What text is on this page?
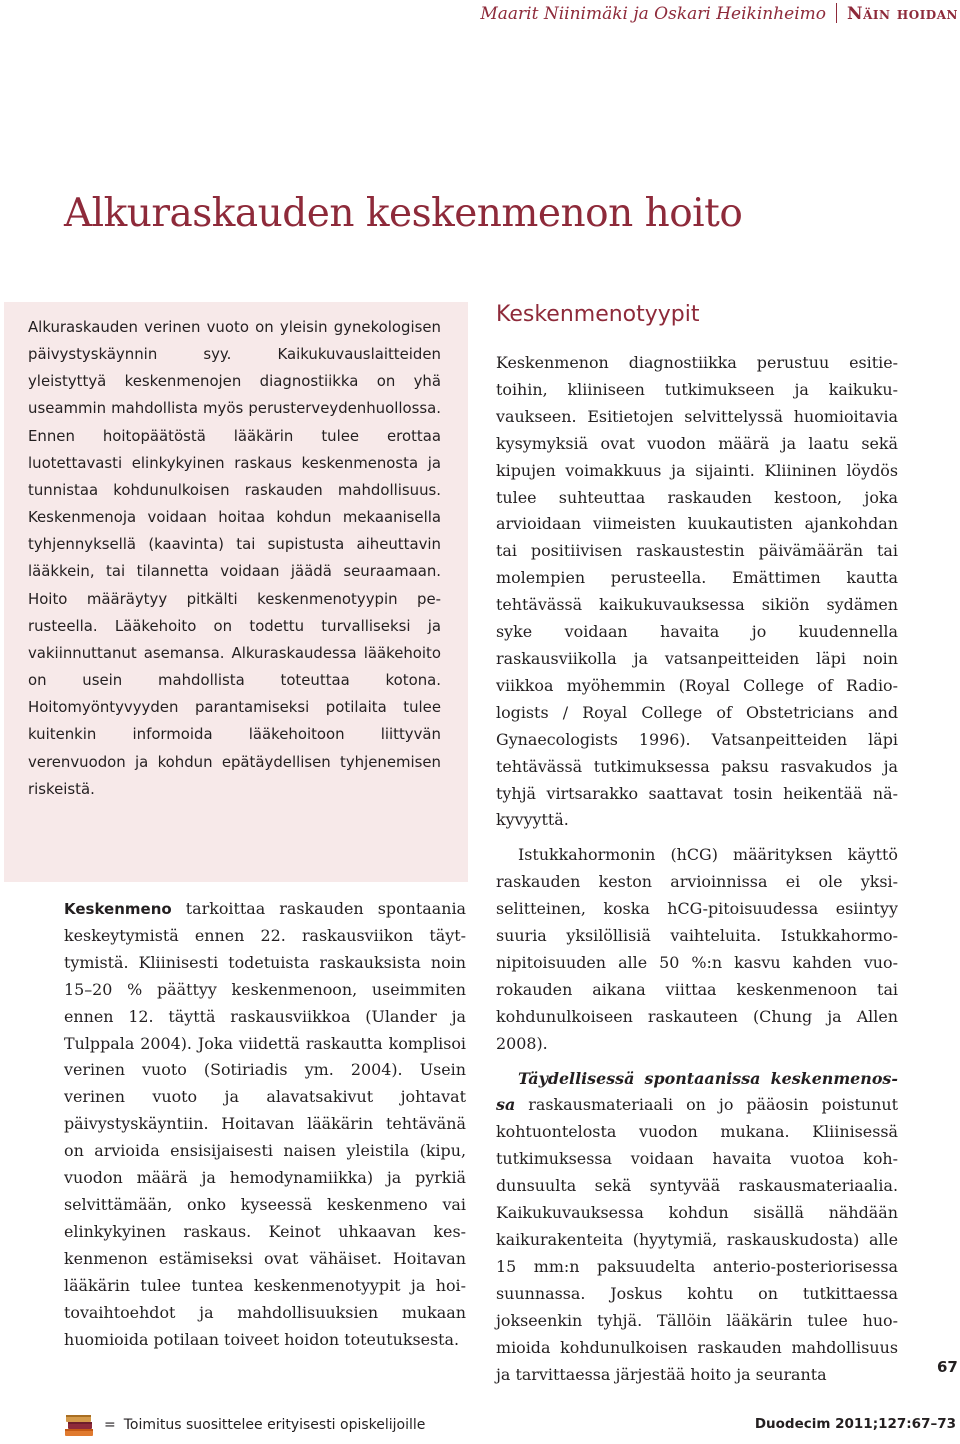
Maarit Niinimäki ja Oskari Heikinheimo Näin hoidan
Alkuraskauden keskenmenon hoito
Alkuraskauden verinen vuoto on yleisin gynekologisen päivystyskäynnin syy. Kaikukuvauslaitteiden yleistyttyä keskenmenojen diagnostiikka on yhä useammin mahdollista myös perusterveydenhuollossa. Ennen hoitopäätöstä lääkärin tulee erottaa luotettavasti elinkykyinen raskaus keskenmenosta ja tunnistaa kohdunulkoisen raskauden mahdollisuus. Keskenmenoja voidaan hoitaa kohdun mekaanisella tyhjennyksellä (kaavinta) tai supistusta aiheuttavin lääkkein, tai tilannetta voidaan jäädä seuraamaan. Hoito määräytyy pitkälti keskenmenotyypin perusteella. Lääkehoito on todettu turvalliseksi ja vakiinnuttanut asemansa. Alkuraskaudessa lääkehoito on usein mahdollista toteuttaa kotona. Hoitomyöntyvyyden parantamiseksi potilaita tulee kuitenkin informoida lääkehoitoon liittyvän verenvuodon ja kohdun epätäydellisen tyhjenemisen riskeistä.
Keskenmeno tarkoittaa raskauden spontaania keskeytymistä ennen 22. raskausviikon täyttymistä. Kliinisesti todetuista raskauksista noin 15–20 % päättyy keskenmenoon, useimmiten ennen 12. täyttä raskausviikkoa (Ulander ja Tulppala 2004). Joka viidettä raskautta komplisoi verinen vuoto (Sotiriadis ym. 2004). Usein verinen vuoto ja alavatsakivut johtavat päivystyskäyntiin. Hoitavan lääkärin tehtävänä on arvioida ensisijaisesti naisen yleistila (kipu, vuodon määrä ja hemodynamiikka) ja pyrkiä selvittämään, onko kyseessä keskenmeno vai elinkykyinen raskaus. Keinot uhkaavan keskenmenon estämiseksi ovat vähäiset. Hoitavan lääkärin tulee tuntea keskenmenotyypit ja hoitovaihtoehdot ja mahdollisuuksien mukaan huomioida potilaan toiveet hoidon toteutuksesta.
Keskenmenotyypit

Keskenmenon diagnostiikka perustuu esitietoihin, kliiniseen tutkimukseen ja kaikukuvaukseen. Esitietojen selvittelyssä huomioitavia kysymyksiä ovat vuodon määrä ja laatu sekä kipujen voimakkuus ja sijainti. Kliininen löydös tulee suhteuttaa raskauden kestoon, joka arvioidaan viimeisten kuukautisten ajankohdan tai positiivisen raskaustestin päivämäärän tai molempien perusteella. Emättimen kautta tehtävässä kaikukuvauksessa sikiön sydämen syke voidaan havaita jo kuudennella raskausviikolla ja vatsanpeitteiden läpi noin viikkoa myöhemmin (Royal College of Radiologists / Royal College of Obstetricians and Gynaecologists 1996). Vatsanpeitteiden läpi tehtävässä tutkimuksessa paksu rasvakudos ja tyhjä virtsarakko saattavat tosin heikentää näkyvyyttä.

Istukkahormonin (hCG) määrityksen käyttö raskauden keston arvioinnissa ei ole yksiselitteinen, koska hCG-pitoisuudessa esiintyy suuria yksilöllisiä vaihteluita. Istukkahormonipitoisuuden alle 50 %:n kasvu kahden vuorokauden aikana viittaa keskenmenoon tai kohdunulkoiseen raskauteen (Chung ja Allen 2008).

Täydellisessä spontaanissa keskenmenossa raskausmateriaali on jo pääosin poistunut kohtuontelosta vuodon mukana. Kliinisessä tutkimuksessa voidaan havaita vuotoa kohdunsuulta sekä syntyvää raskausmateriaalia. Kaikukuvauksessa kohdun sisällä nähdään kaikurakenteita (hyytymiä, raskauskudosta) alle 15 mm:n paksuudelta anterio-posteriorisessa suunnassa. Joskus kohtu on tutkittaessa jokseenkin tyhjä. Tällöin lääkärin tulee huomioida kohdunulkoisen raskauden mahdollisuus ja tarvittaessa järjestää hoito ja seuranta	67
= Toimitus suosittelee erityisesti opiskelijoille	Duodecim 2011;127:67–73
